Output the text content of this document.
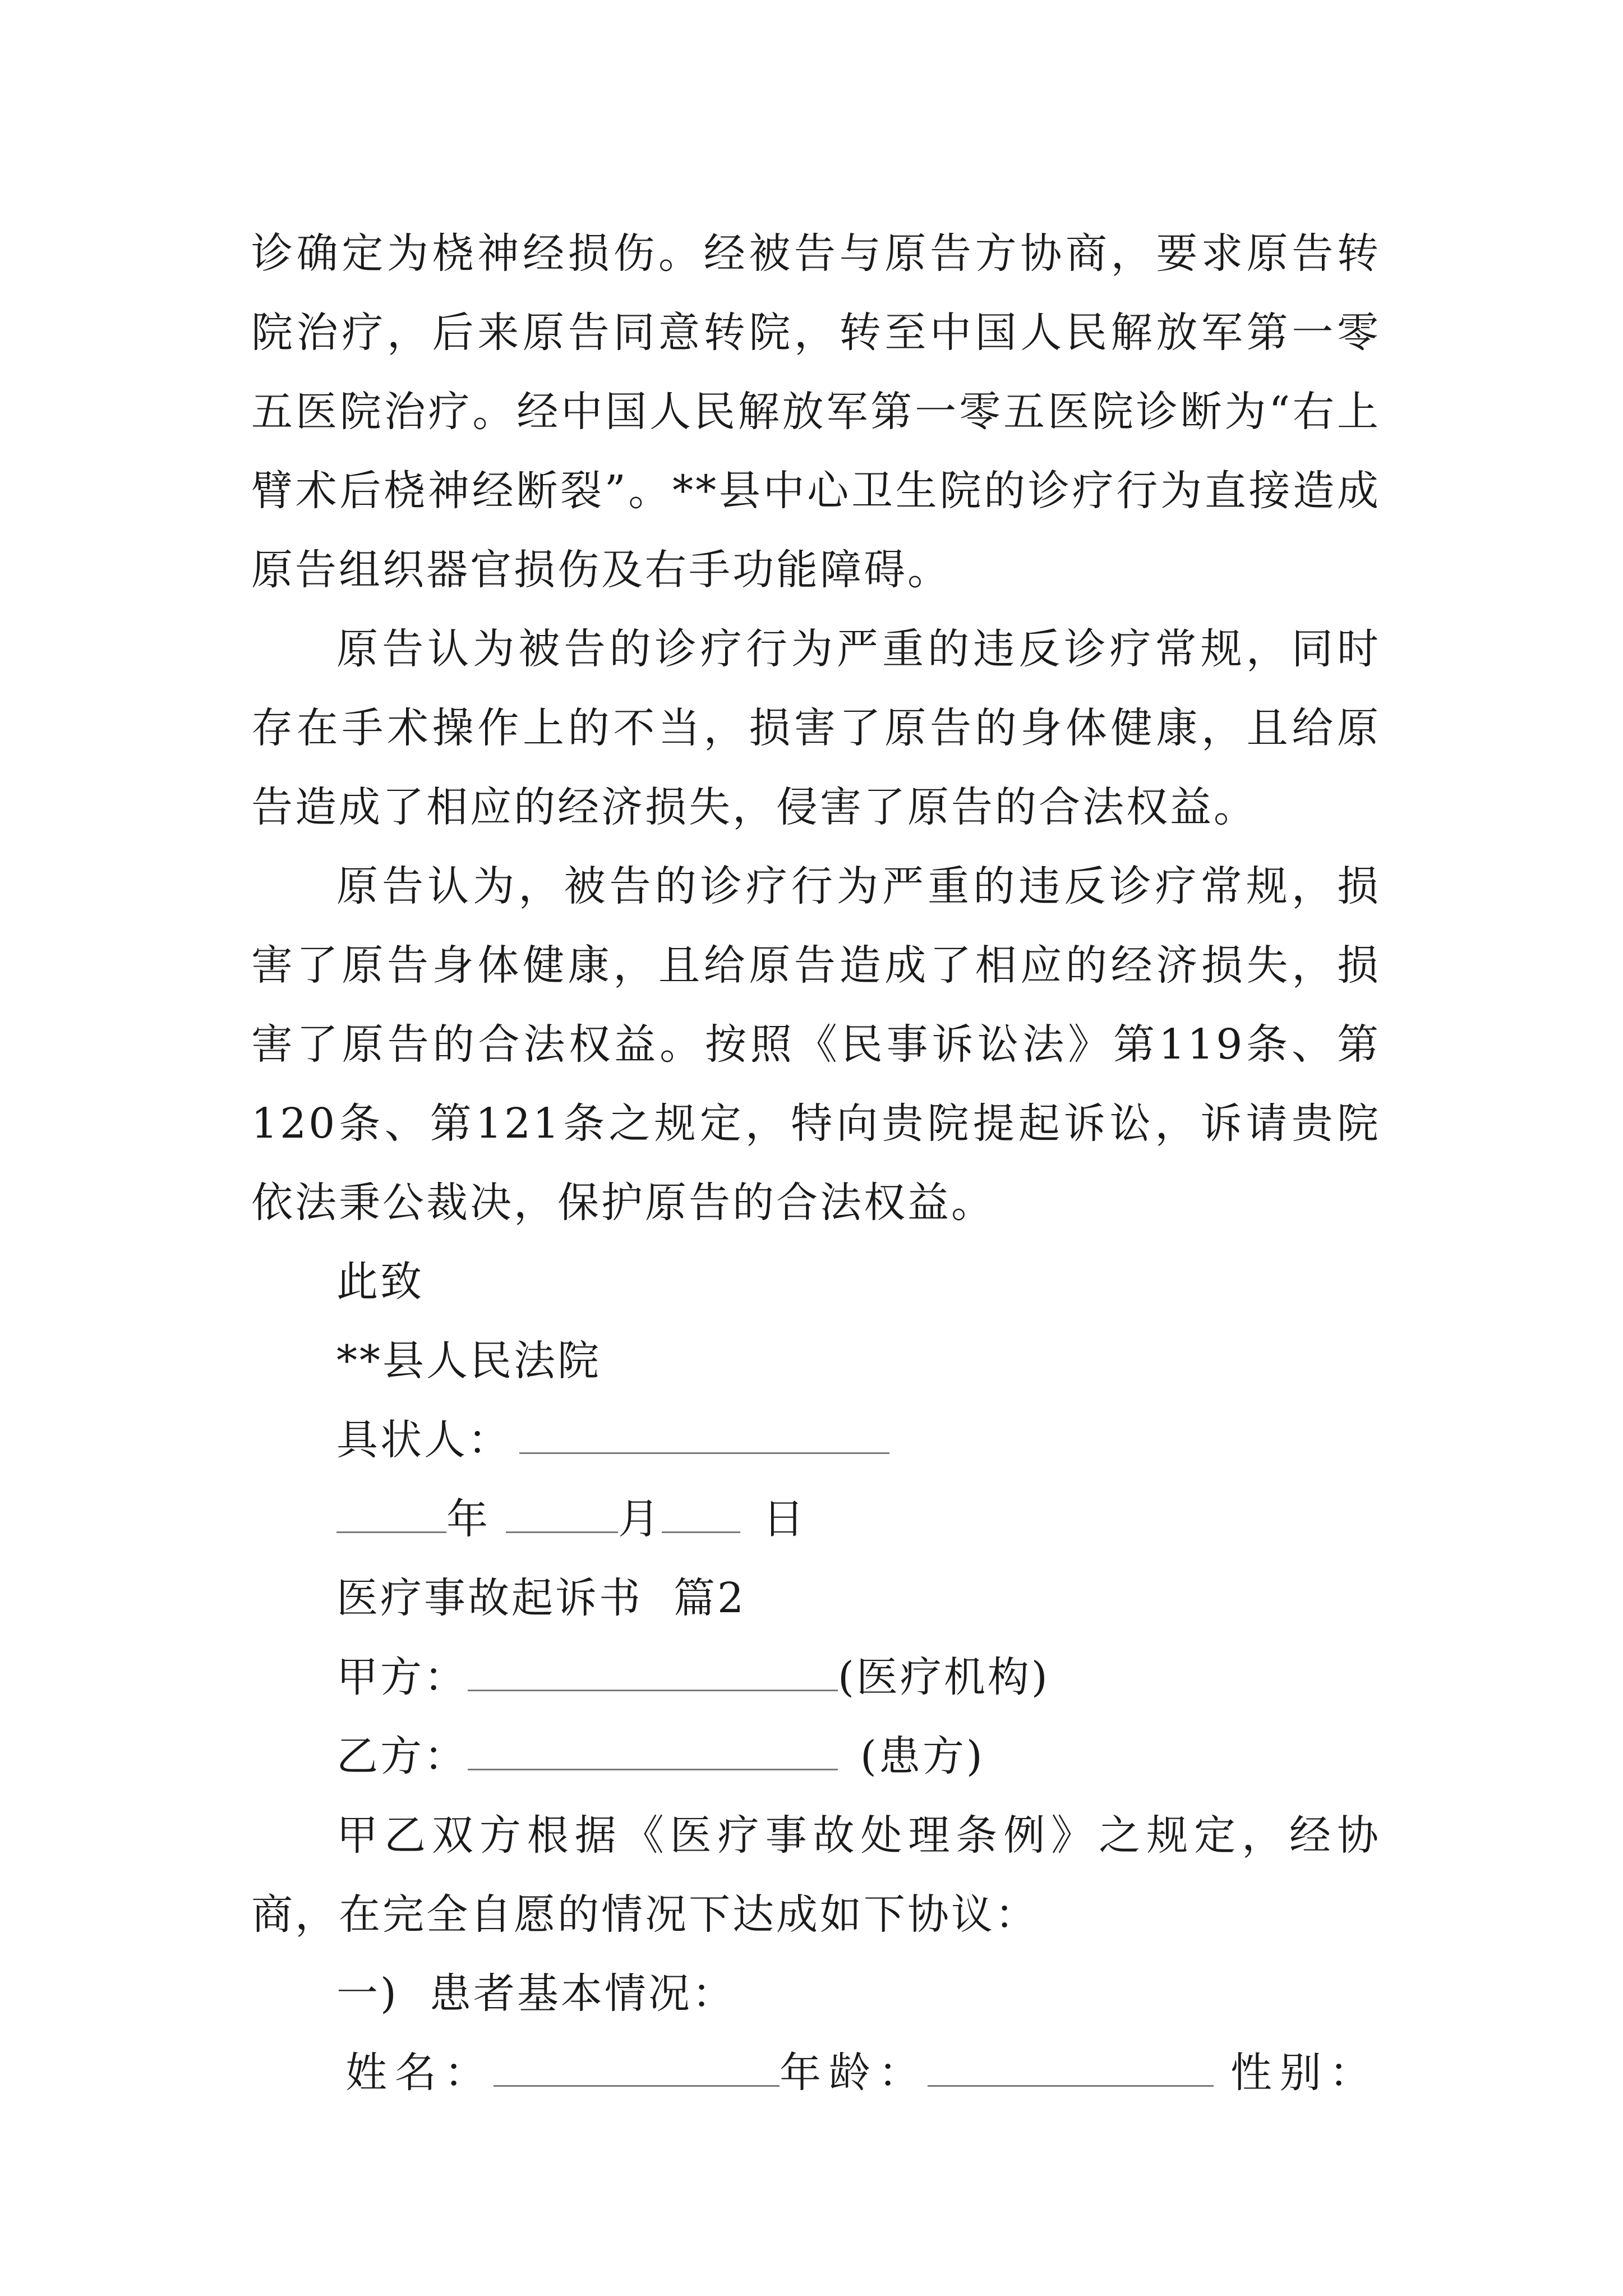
诊确定为桡神经损伤。经被告与原告方协商，要求原告转院治疗，后来原告同意转院，转至中国人民解放军第一零五医院治疗。经中国人民解放军第一零五医院诊断为“右上臂术后桡神经断裂”。**县中心卫生院的诊疗行为直接造成原告组织器官损伤及右手功能障碍。

原告认为被告的诊疗行为严重的违反诊疗常规，同时存在手术操作上的不当，损害了原告的身体健康，且给原告造成了相应的经济损失，侵害了原告的合法权益。

原告认为，被告的诊疗行为严重的违反诊疗常规，损害了原告身体健康，且给原告造成了相应的经济损失，损害了原告的合法权益。按照《民事诉讼法》第119条、第120条、第121条之规定，特向贵院提起诉讼，诉请贵院依法秉公裁决，保护原告的合法权益。

此致

**县人民法院

具状人：

年	月 日

医疗事故起诉书  篇2

甲方：	(医疗机构)

乙方：	(患方)

甲乙双方根据《医疗事故处理条例》之规定，经协商，在完全自愿的情况下达成如下协议：

一)  患者基本情况：

姓名：	年龄：	性别：
